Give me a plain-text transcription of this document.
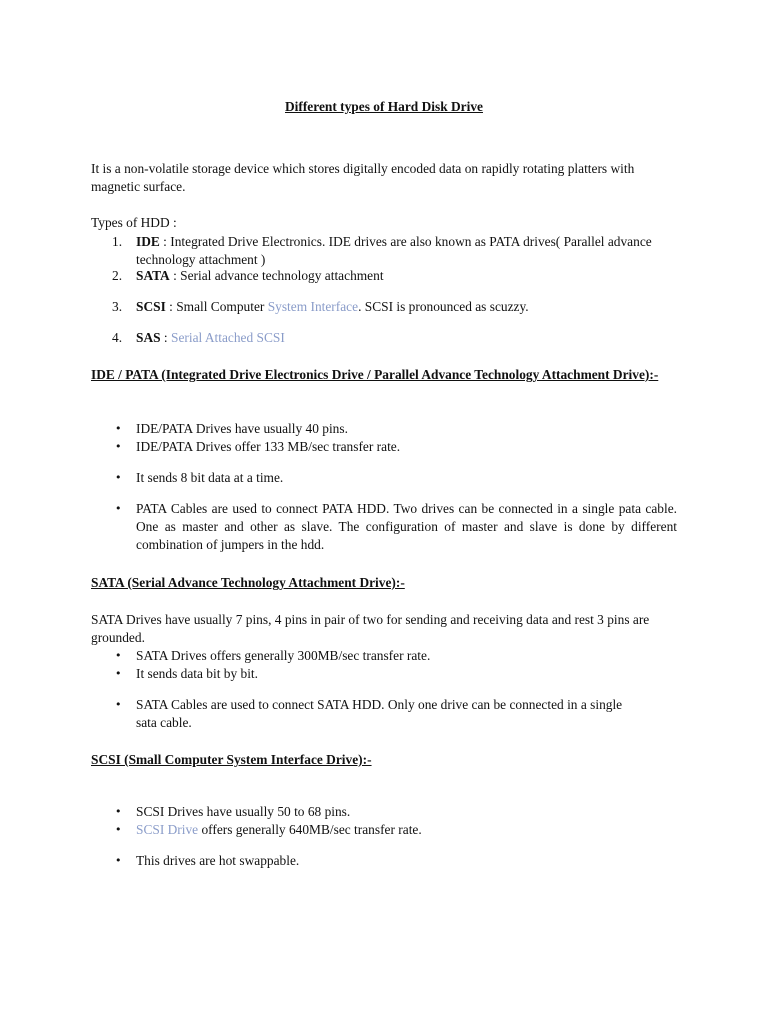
Different types of Hard Disk Drive
It is a non-volatile storage device which stores digitally encoded data on rapidly rotating platters with magnetic surface.
Types of HDD :
1.	IDE : Integrated Drive Electronics. IDE drives are also known as PATA drives( Parallel advance technology attachment )
2.	SATA : Serial advance technology attachment
3.	SCSI : Small Computer System Interface. SCSI is pronounced as scuzzy.
4.	SAS : Serial Attached SCSI
IDE / PATA (Integrated Drive Electronics Drive / Parallel Advance Technology Attachment Drive):-
•	IDE/PATA Drives have usually 40 pins.
•	IDE/PATA Drives offer 133 MB/sec transfer rate.
•	It sends 8 bit data at a time.
•	PATA Cables are used to connect PATA HDD. Two drives can be connected in a single pata cable. One as master and other as slave. The configuration of master and slave is done by different combination of jumpers in the hdd.
SATA (Serial Advance Technology Attachment Drive):-
SATA Drives have usually 7 pins, 4 pins in pair of two for sending and receiving data and rest 3 pins are grounded.
•	SATA Drives offers generally 300MB/sec transfer rate.
•	It sends data bit by bit.
•	SATA Cables are used to connect SATA HDD. Only one drive can be connected in a single sata cable.
SCSI (Small Computer System Interface Drive):-
•	SCSI Drives have usually 50 to 68 pins.
•	SCSI Drive offers generally 640MB/sec transfer rate.
•	This drives are hot swappable.
